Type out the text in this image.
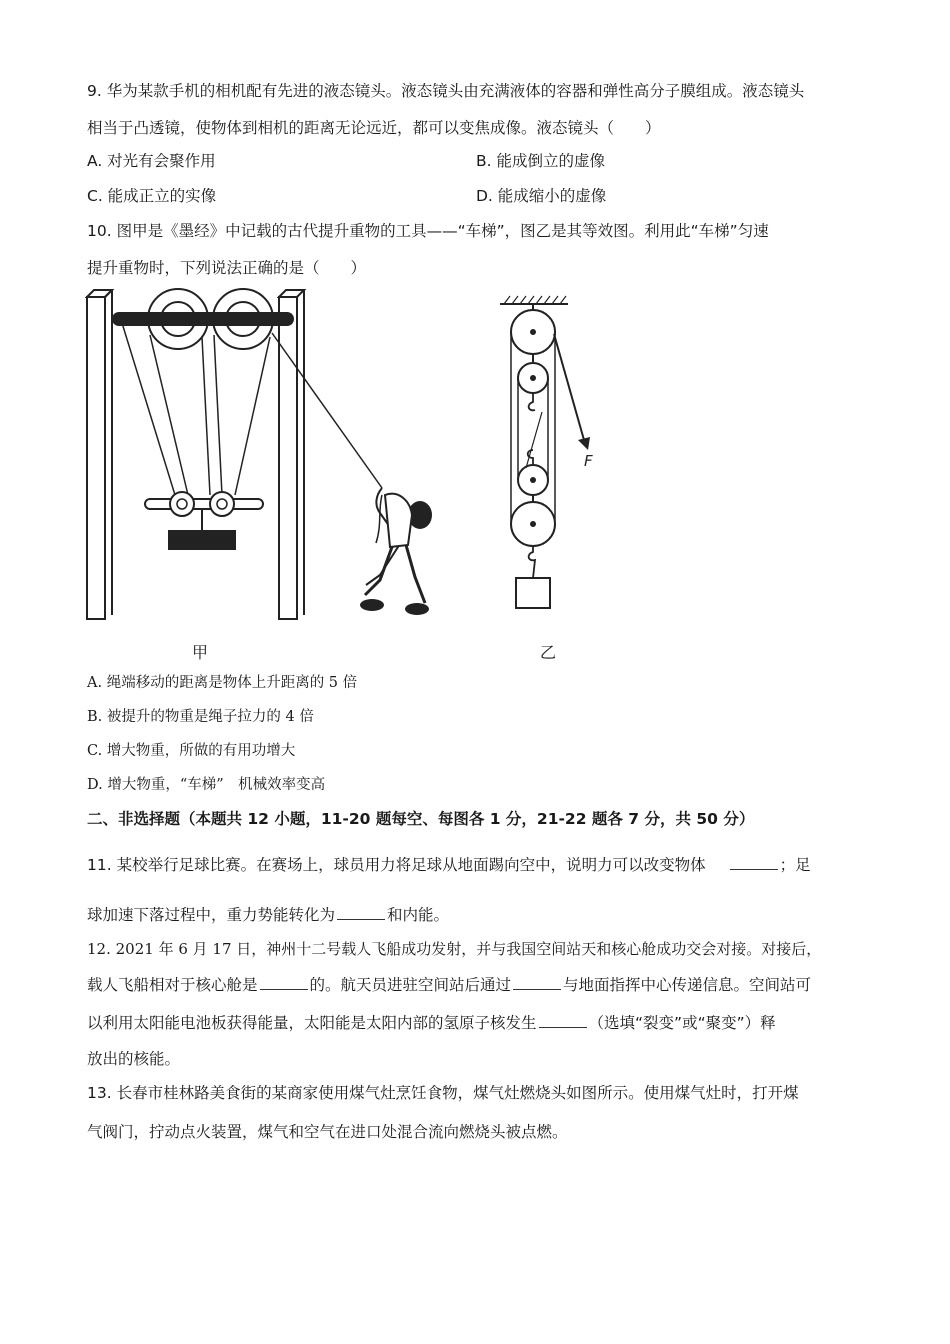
9. 华为某款手机的相机配有先进的液态镜头。液态镜头由充满液体的容器和弹性高分子膜组成。液态镜头
相当于凸透镜，使物体到相机的距离无论远近，都可以变焦成像。液态镜头（　　）
A. 对光有会聚作用	B. 能成倒立的虚像
C. 能成正立的实像	D. 能成缩小的虚像
10. 图甲是《墨经》中记载的古代提升重物的工具——“车梯”，图乙是其等效图。利用此“车梯”匀速
提升重物时，下列说法正确的是（　　）
F
甲	乙
A. 绳端移动的距离是物体上升距离的 5 倍
B. 被提升的物重是绳子拉力的 4 倍
C. 增大物重，所做的有用功增大
D. 增大物重，“车梯”　机械效率变高
二、非选择题（本题共 12 小题，11-20 题每空、每图各 1 分，21-22 题各 7 分，共 50 分）
11. 某校举行足球比赛。在赛场上，球员用力将足球从地面踢向空中，说明力可以改变物体	；足
球加速下落过程中，重力势能转化为	和内能。
12. 2021 年 6 月 17 日，神州十二号载人飞船成功发射，并与我国空间站天和核心舱成功交会对接。对接后，
载人飞船相对于核心舱是	的。航天员进驻空间站后通过	与地面指挥中心传递信息。空间站可
以利用太阳能电池板获得能量，太阳能是太阳内部的氢原子核发生	（选填“裂变”或“聚变”）释
放出的核能。
13. 长春市桂林路美食街的某商家使用煤气灶烹饪食物，煤气灶燃烧头如图所示。使用煤气灶时，打开煤
气阀门，拧动点火装置，煤气和空气在进口处混合流向燃烧头被点燃。
